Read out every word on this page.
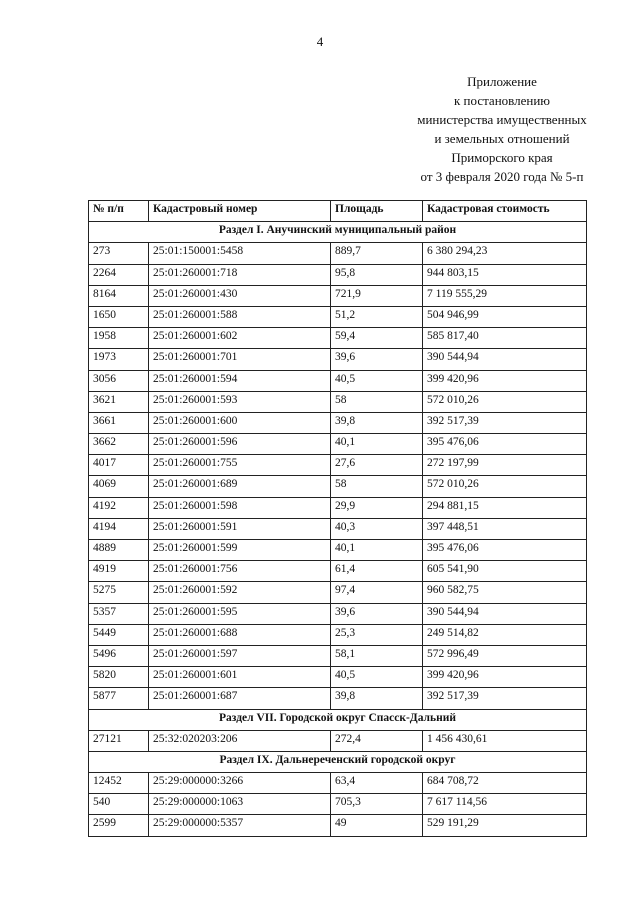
4
Приложение
к постановлению
министерства имущественных
и земельных отношений
Приморского края
от 3 февраля 2020 года № 5-п
№ п/п	Кадастровый номер	Площадь	Кадастровая стоимость
Раздел I. Анучинский муниципальный район			
273	25:01:150001:5458	889,7	6 380 294,23
2264	25:01:260001:718	95,8	944 803,15
8164	25:01:260001:430	721,9	7 119 555,29
1650	25:01:260001:588	51,2	504 946,99
1958	25:01:260001:602	59,4	585 817,40
1973	25:01:260001:701	39,6	390 544,94
3056	25:01:260001:594	40,5	399 420,96
3621	25:01:260001:593	58	572 010,26
3661	25:01:260001:600	39,8	392 517,39
3662	25:01:260001:596	40,1	395 476,06
4017	25:01:260001:755	27,6	272 197,99
4069	25:01:260001:689	58	572 010,26
4192	25:01:260001:598	29,9	294 881,15
4194	25:01:260001:591	40,3	397 448,51
4889	25:01:260001:599	40,1	395 476,06
4919	25:01:260001:756	61,4	605 541,90
5275	25:01:260001:592	97,4	960 582,75
5357	25:01:260001:595	39,6	390 544,94
5449	25:01:260001:688	25,3	249 514,82
5496	25:01:260001:597	58,1	572 996,49
5820	25:01:260001:601	40,5	399 420,96
5877	25:01:260001:687	39,8	392 517,39
Раздел VII. Городской округ Спасск-Дальний			
27121	25:32:020203:206	272,4	1 456 430,61
Раздел IX. Дальнереченский городской округ			
12452	25:29:000000:3266	63,4	684 708,72
540	25:29:000000:1063	705,3	7 617 114,56
2599	25:29:000000:5357	49	529 191,29
